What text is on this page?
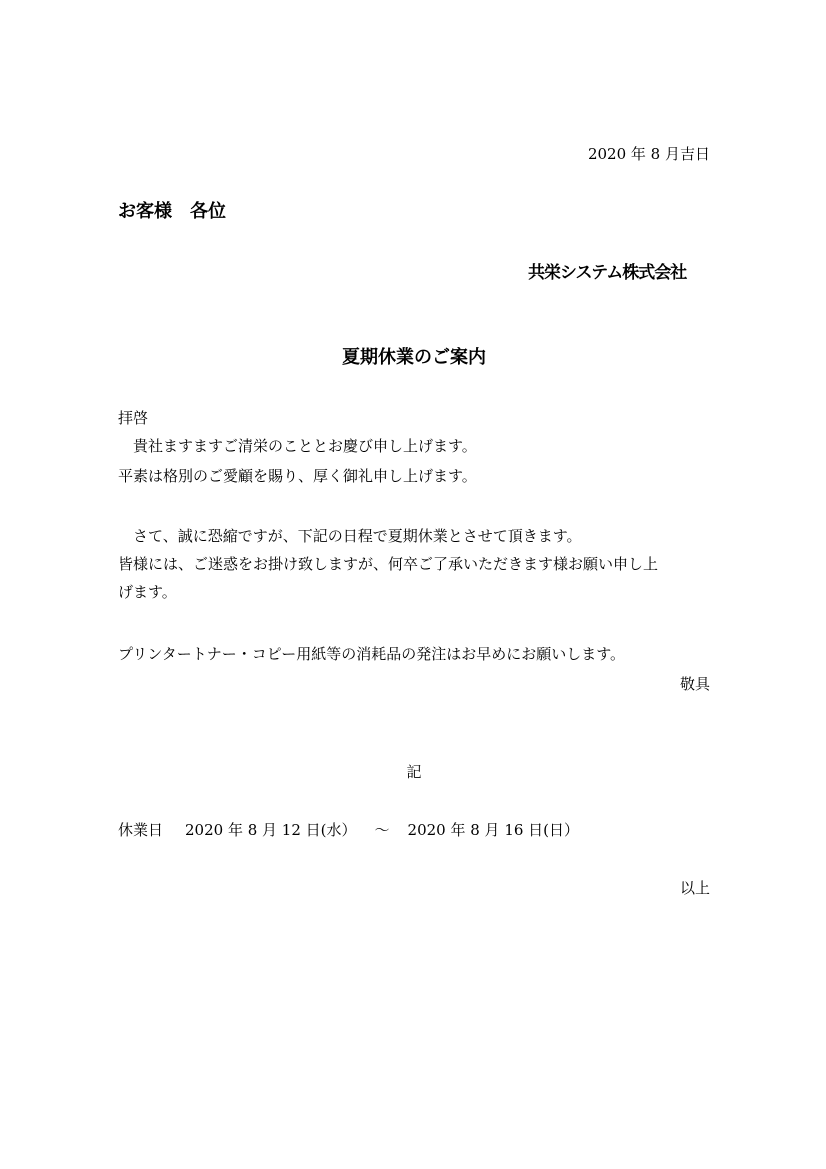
2020 年 8 月吉日
お客様　各位
共栄システム株式会社
夏期休業のご案内
拝啓
　貴社ますますご清栄のこととお慶び申し上げます。
平素は格別のご愛顧を賜り、厚く御礼申し上げます。
　さて、誠に恐縮ですが、下記の日程で夏期休業とさせて頂きます。
皆様には、ご迷惑をお掛け致しますが、何卒ご了承いただきます様お願い申し上
げます。
プリンタートナー・コピー用紙等の消耗品の発注はお早めにお願いします。
敬具
記
休業日 2020 年 8 月 12 日(水） ～ 2020 年 8 月 16 日(日）
以上
